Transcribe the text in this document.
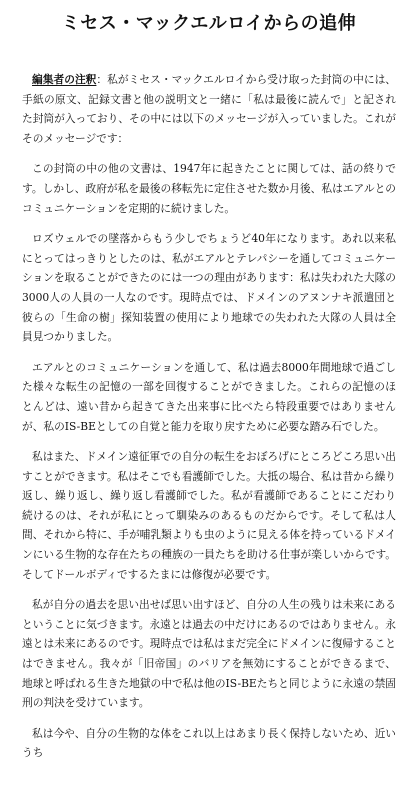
ミセス・マックエルロイからの追伸

編集者の注釈：私がミセス・マックエルロイから受け取った封筒の中には、手紙の原文、記録文書と他の説明文と一緒に「私は最後に読んで」と記された封筒が入っており、その中には以下のメッセージが入っていました。これがそのメッセージです：

この封筒の中の他の文書は、1947年に起きたことに関しては、話の終りです。しかし、政府が私を最後の移転先に定住させた数か月後、私はエアルとのコミュニケーションを定期的に続けました。

ロズウェルでの墜落からもう少しでちょうど40年になります。あれ以来私にとってはっきりとしたのは、私がエアルとテレパシーを通してコミュニケーションを取ることができたのには一つの理由があります：私は失われた大隊の3000人の人員の一人なのです。現時点では、ドメインのアヌンナキ派遣団と彼らの「生命の樹」探知装置の使用により地球での失われた大隊の人員は全員見つかりました。

エアルとのコミュニケーションを通して、私は過去8000年間地球で過ごした様々な転生の記憶の一部を回復することができました。これらの記憶のほとんどは、遠い昔から起きてきた出来事に比べたら特段重要ではありませんが、私のIS-BEとしての自覚と能力を取り戻すために必要な踏み石でした。

私はまた、ドメイン遠征軍での自分の転生をおぼろげにところどころ思い出すことができます。私はそこでも看護師でした。大抵の場合、私は昔から繰り返し、繰り返し、繰り返し看護師でした。私が看護師であることにこだわり続けるのは、それが私にとって馴染みのあるものだからです。そして私は人間、それから特に、手が哺乳類よりも虫のように見える体を持っているドメインにいる生物的な存在たちの種族の一員たちを助ける仕事が楽しいからです。そしてドールボディでするたまには修復が必要です。

私が自分の過去を思い出せば思い出すほど、自分の人生の残りは未来にあるということに気づきます。永遠とは過去の中だけにあるのではありません。永遠とは未来にあるのです。現時点では私はまだ完全にドメインに復帰することはできません。我々が「旧帝国」のバリアを無効にすることができるまで、地球と呼ばれる生きた地獄の中で私は他のIS-BEたちと同じように永遠の禁固刑の判決を受けています。

私は今や、自分の生物的な体をこれ以上はあまり長く保持しないため、近いうち
